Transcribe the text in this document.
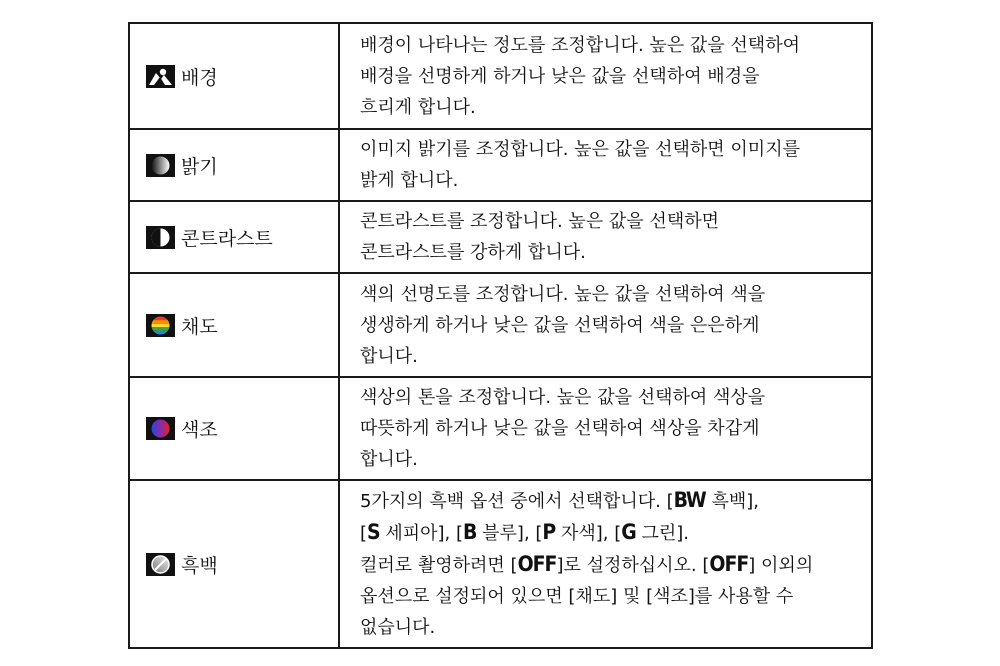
배경	배경이 나타나는 정도를 조정합니다. 높은 값을 선택하여
배경을 선명하게 하거나 낮은 값을 선택하여 배경을
흐리게 합니다.

밝기	이미지 밝기를 조정합니다. 높은 값을 선택하면 이미지를
밝게 합니다.

콘트라스트	콘트라스트를 조정합니다. 높은 값을 선택하면
콘트라스트를 강하게 합니다.

채도	색의 선명도를 조정합니다. 높은 값을 선택하여 색을
생생하게 하거나 낮은 값을 선택하여 색을 은은하게
합니다.

색조	색상의 톤을 조정합니다. 높은 값을 선택하여 색상을
따뜻하게 하거나 낮은 값을 선택하여 색상을 차갑게
합니다.

흑백	5가지의 흑백 옵션 중에서 선택합니다. [BW 흑백],
[S 세피아], [B 블루], [P 자색], [G 그린].
컬러로 촬영하려면 [OFF]로 설정하십시오. [OFF] 이외의
옵션으로 설정되어 있으면 [채도] 및 [색조]를 사용할 수
없습니다.
